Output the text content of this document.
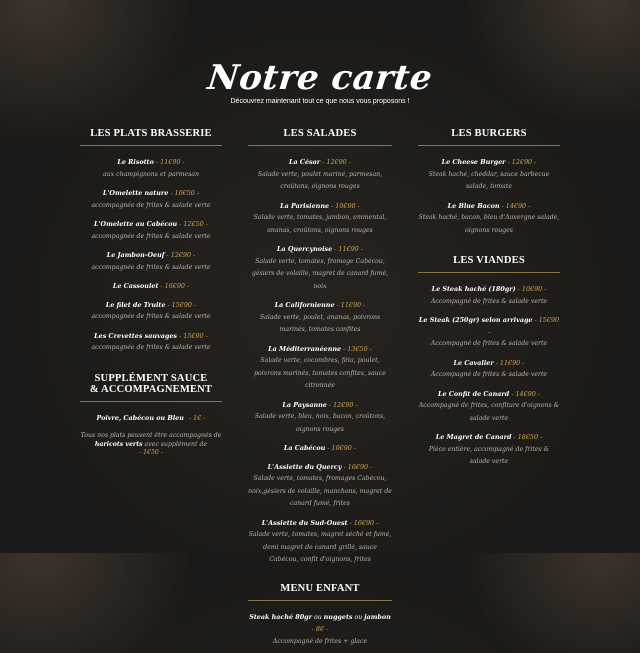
Notre carte
Découvrez maintenant tout ce que nous vous proposons !
LES PLATS BRASSERIE
Le Risotto - 11€90 -
aux champignons et parmesan
L'Omelette nature - 10€50 -
accompagnée de frites & salade verte
L'Omelette au Cabécou - 12€50 -
accompagnée de frites & salade verte
Le Jambon-Oeuf - 12€90 -
accompagnée de frites & salade verte
Le Cassoulet - 16€90 -
Le filet de Truite - 15€90 -
accompagnée de frites & salade verte
Les Crevettes sauvages - 15€90 -
accompagnée de frites & salade verte
SUPPLÉMENT SAUCE
& ACCOMPAGNEMENT
Poivre, Cabécou ou Bleu - 1€ -
Tous nos plats peuvent être accompagnés de haricots verts avec supplément de
- 1€50 -
LES SALADES
La César - 12€90 -
Salade verte, poulet mariné, parmesan, croûtons, oignons rouges
La Parisienne - 10€90 -
Salade verte, tomates, jambon, emmental, ananas, croûtons, oignons rouges
La Quercynoise - 11€90 -
Salade verte, tomates, fromage Cabécou, gésiers de volaille, magret de canard fumé, noix
La Californienne - 11€90 -
Salade verte, poulet, ananas, poivrons marinés, tomates confites
La Méditerranéenne - 13€50 -
Salade verte, cocombres, féta, poulet, poivrons marinés, tomates confites, sauce citronnée
La Paysanne - 12€90 -
Salade verte, bleu, noix, bacon, croûtons, oignons rouges
La Cabécou - 10€90 -
L'Assiette du Quercy - 16€90 -
Salade verte, tomates, fromages Cabécou, noix,gésiers de volaille, manchons, magret de canard fumé, frites
L'Assiette du Sud-Ouest - 16€90 -
Salade verte, tomates, magret séché et fumé, demi magret de canard grillé, sauce Cabécou, confit d'oignons, frites
MENU ENFANT
Steak haché 80gr ou nuggets ou jambon - 8€ -
Accompagné de frites + glace
LES BURGERS
Le Cheese Burger - 12€90 -
Steak haché, cheddar, sauce barbecue salade, tomate
Le Blue Bacon - 14€90 -
Steak haché, bacon, bleu d'Auvergne salade, oignons rouges
LES VIANDES
Le Steak haché (180gr) - 10€90 -
Accompagné de frites & salade verte
Le Steak (250gr) selon arrivage - 15€90 -
Accompagné de frites & salade verte
Le Cavalier - 11€90 -
Accompagné de frites & salade verte
Le Confit de Canard - 14€90 -
Accompagné de frites, confiture d'oignons & salade verte
Le Magret de Canard - 18€50 -
Pièce entière, accompagné de frites & salade verte
